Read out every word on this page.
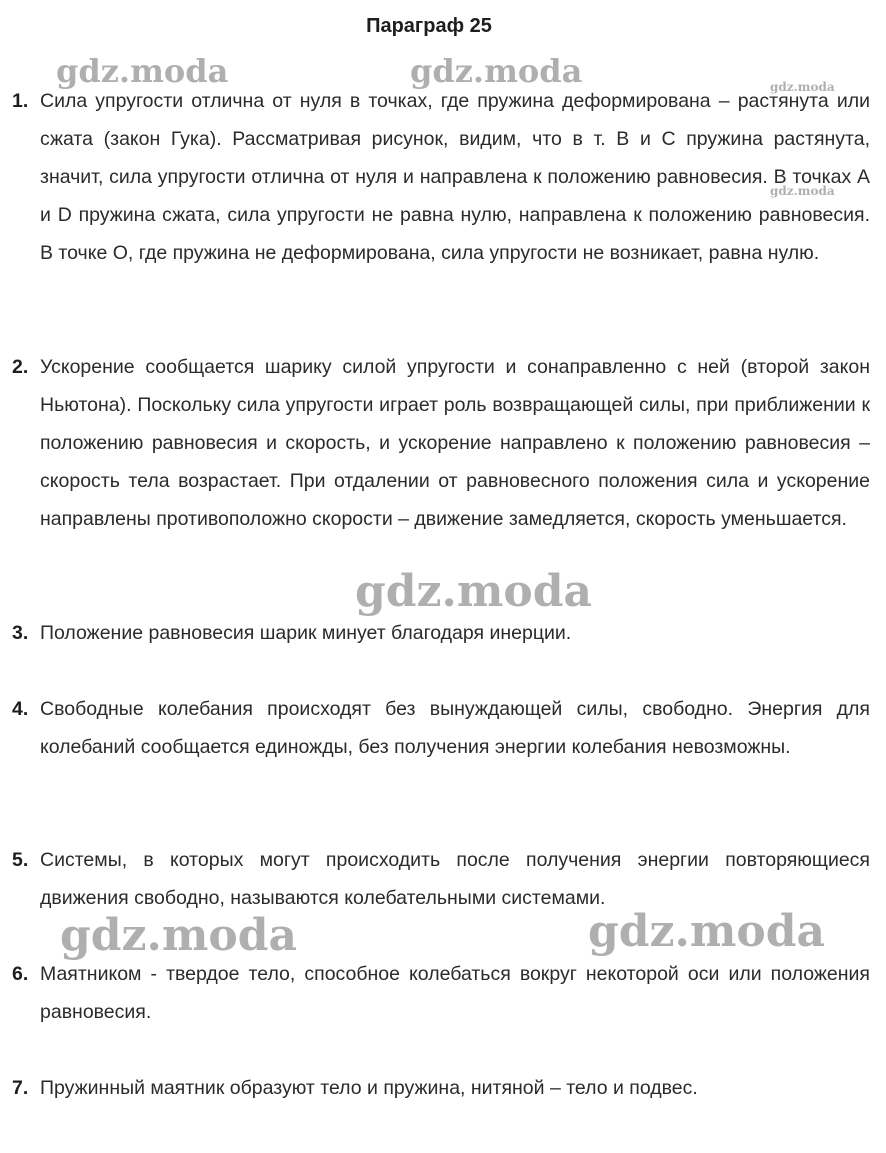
Параграф 25
1. Сила упругости отлична от нуля в точках, где пружина деформирована – растянута или сжата (закон Гука). Рассматривая рисунок, видим, что в т. В и С пружина растянута, значит, сила упругости отлична от нуля и направлена к положению равновесия. В точках А и D пружина сжата, сила упругости не равна нулю, направлена к положению равновесия. В точке О, где пружина не деформирована, сила упругости не возникает, равна нулю.
2. Ускорение сообщается шарику силой упругости и сонаправленно с ней (второй закон Ньютона). Поскольку сила упругости играет роль возвращающей силы, при приближении к положению равновесия и скорость, и ускорение направлено к положению равновесия – скорость тела возрастает. При отдалении от равновесного положения сила и ускорение направлены противоположно скорости – движение замедляется, скорость уменьшается.
3. Положение равновесия шарик минует благодаря инерции.
4. Свободные колебания происходят без вынуждающей силы, свободно. Энергия для колебаний сообщается единожды, без получения энергии колебания невозможны.
5. Системы, в которых могут происходить после получения энергии повторяющиеся движения свободно, называются колебательными системами.
6. Маятником - твердое тело, способное колебаться вокруг некоторой оси или положения равновесия.
7. Пружинный маятник образуют тело и пружина, нитяной – тело и подвес.
gdz.moda	gdz.moda	gdz.moda
gdz.moda
gdz.moda
gdz.moda	gdz.moda
